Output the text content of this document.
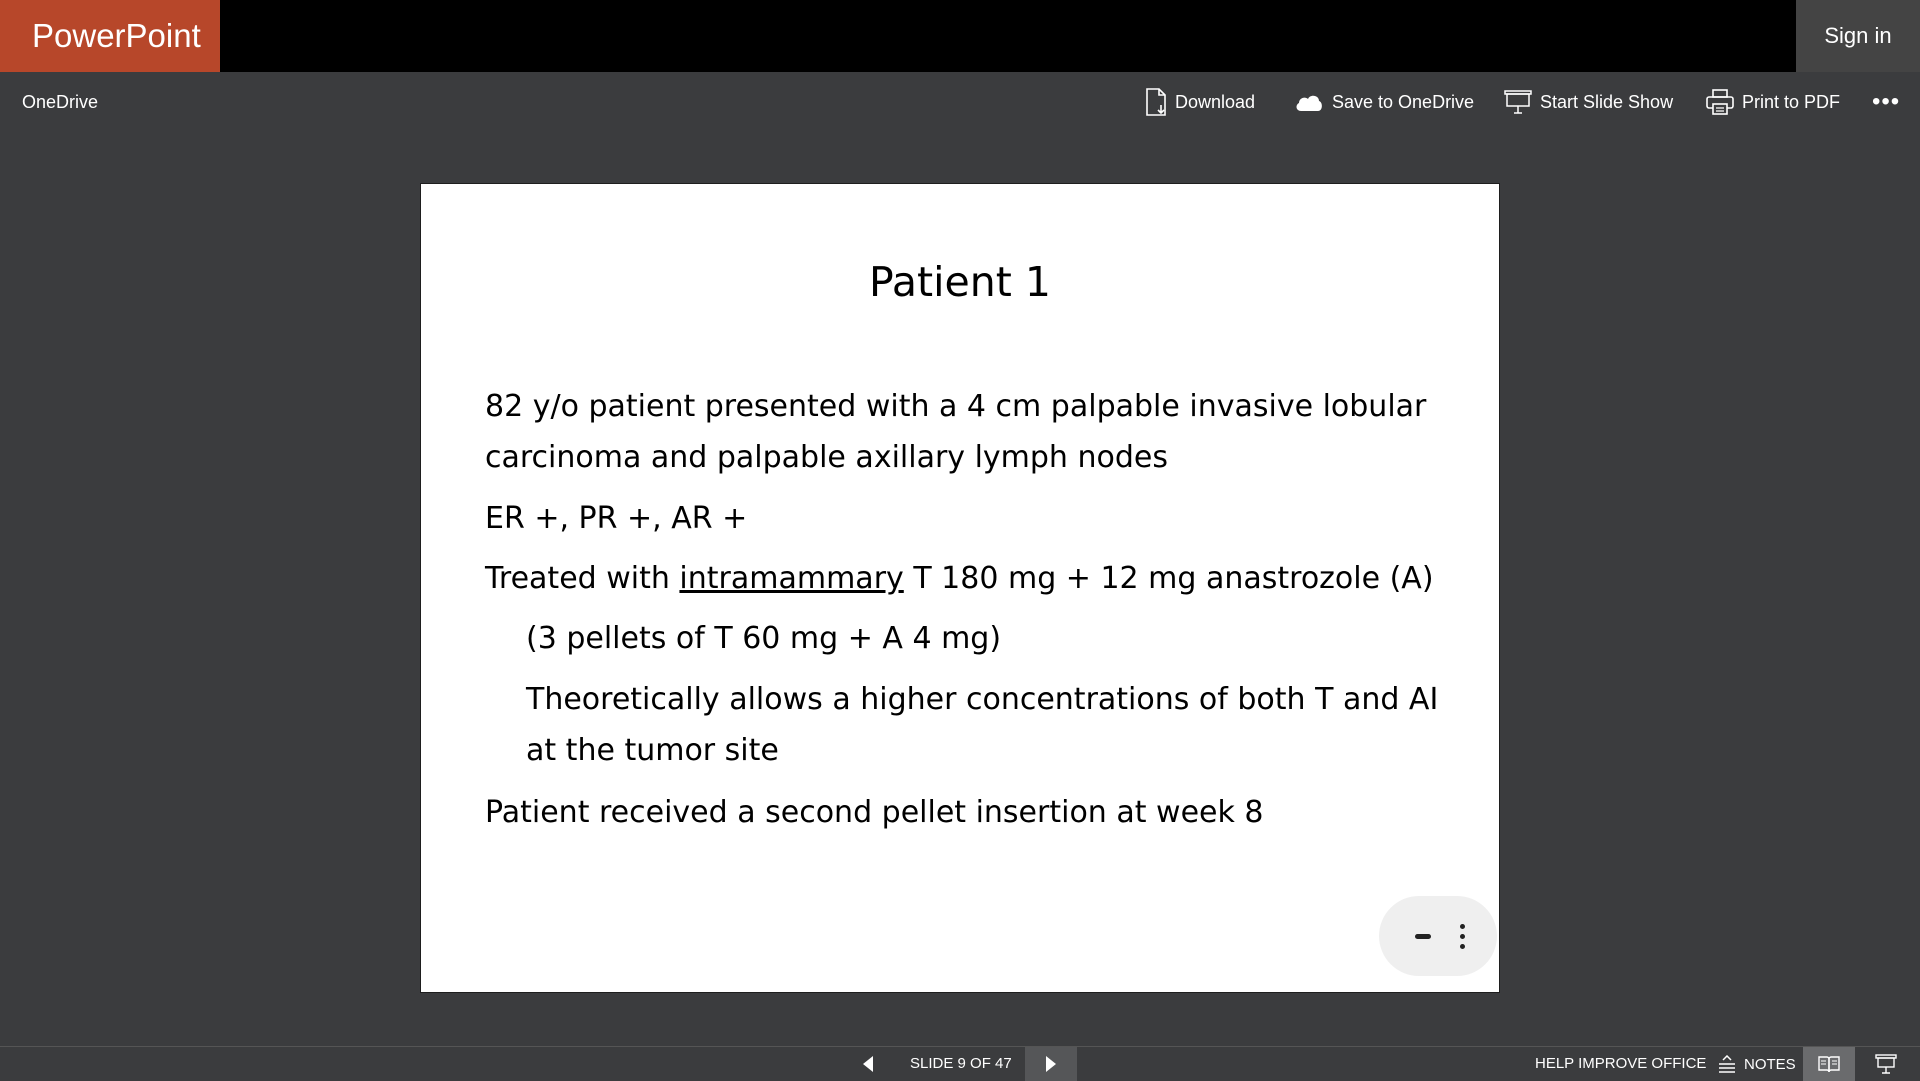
PowerPoint	Sign in
OneDrive	Download	Save to OneDrive	Start Slide Show	Print to PDF •••
Patient 1
82 y/o patient presented with a 4 cm palpable invasive lobular
carcinoma and palpable axillary lymph nodes
ER +, PR +, AR +
Treated with intramammary T 180 mg + 12 mg anastrozole (A)
(3 pellets of T 60 mg + A 4 mg)
Theoretically allows a higher concentrations of both T and AI
at the tumor site
Patient received a second pellet insertion at week 8
SLIDE 9 OF 47	HELP IMPROVE OFFICE	NOTES
